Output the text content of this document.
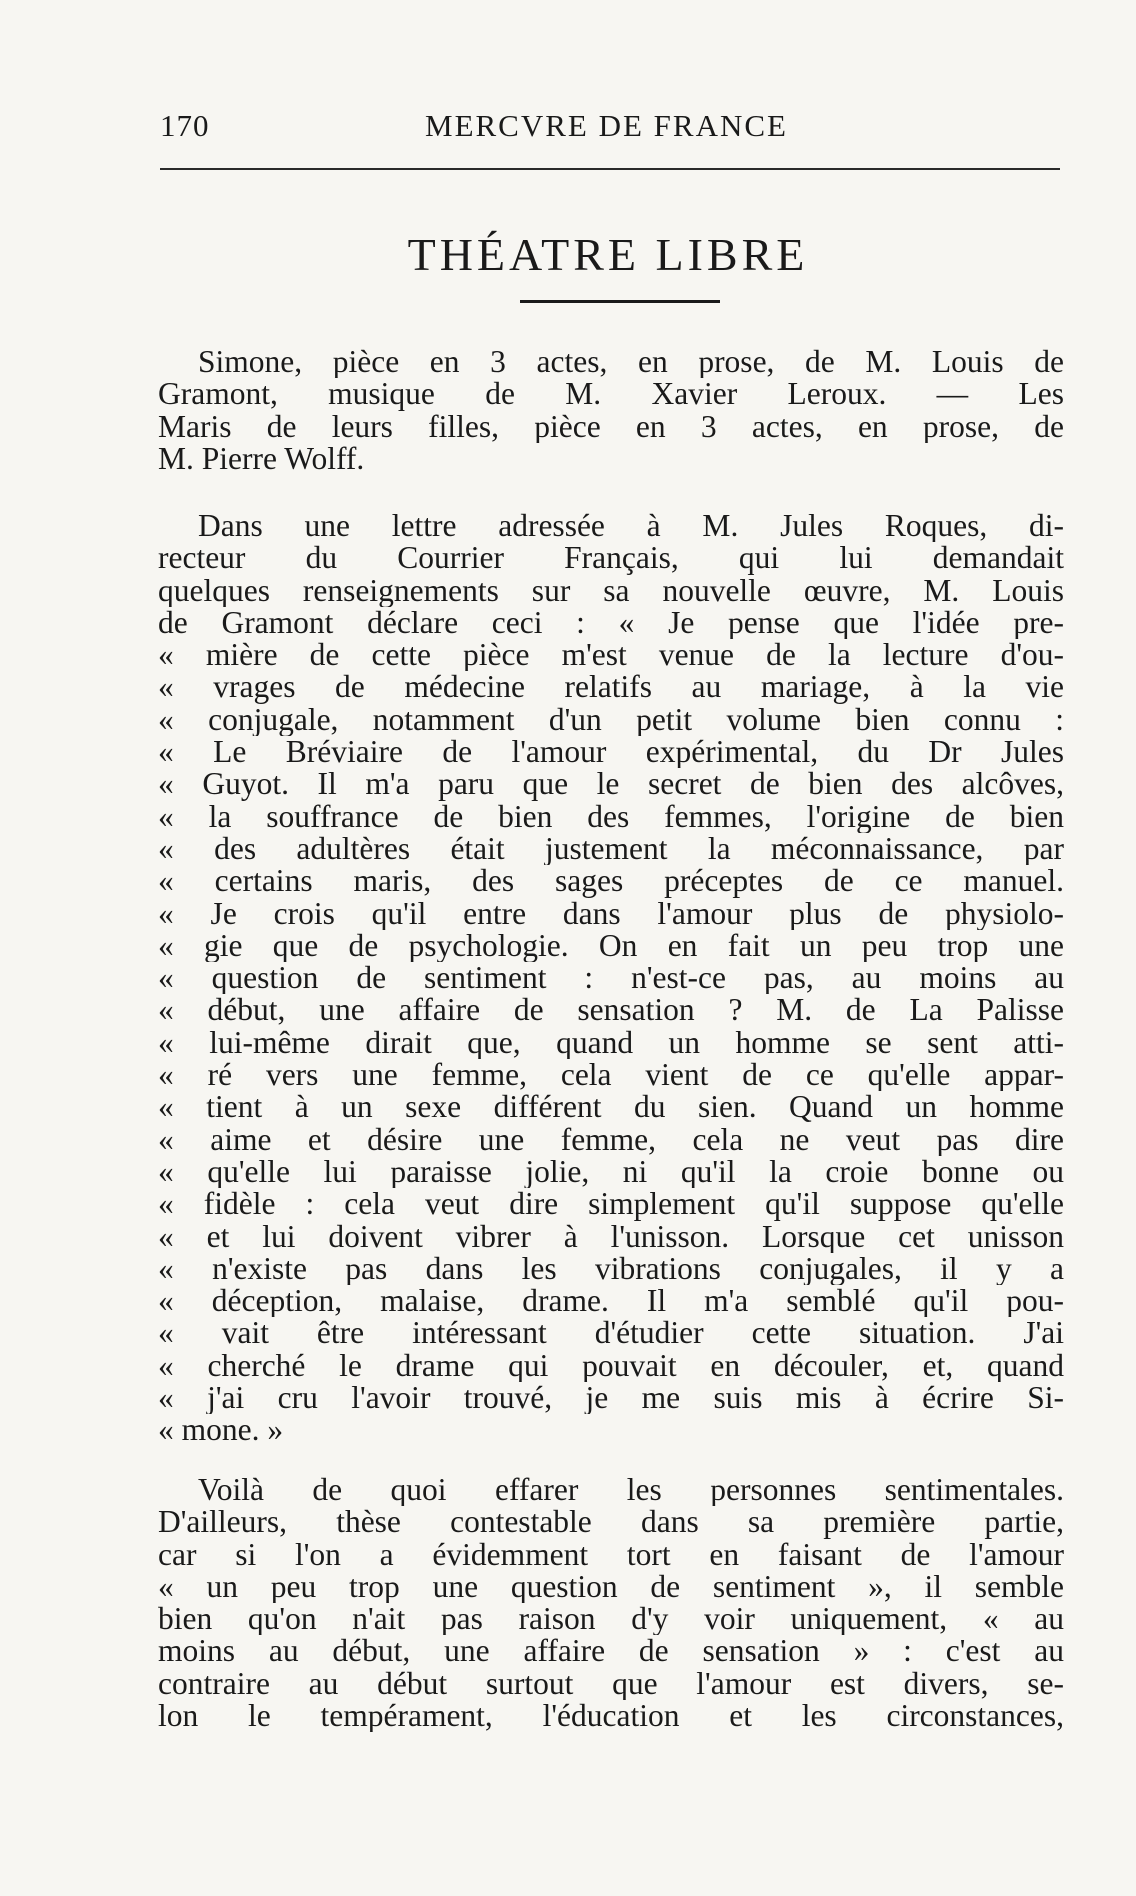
170	MERCVRE DE FRANCE
THÉATRE LIBRE
Simone, pièce en 3 actes, en prose, de M. Louis de
Gramont, musique de M. Xavier Leroux. — Les
Maris de leurs filles, pièce en 3 actes, en prose, de
M. Pierre Wolff.
Dans une lettre adressée à M. Jules Roques, di-
recteur du Courrier Français, qui lui demandait
quelques renseignements sur sa nouvelle œuvre, M. Louis
de Gramont déclare ceci : « Je pense que l'idée pre-
« mière de cette pièce m'est venue de la lecture d'ou-
« vrages de médecine relatifs au mariage, à la vie
« conjugale, notamment d'un petit volume bien connu :
« Le Bréviaire de l'amour expérimental, du Dr Jules
« Guyot. Il m'a paru que le secret de bien des alcôves,
« la souffrance de bien des femmes, l'origine de bien
« des adultères était justement la méconnaissance, par
« certains maris, des sages préceptes de ce manuel.
« Je crois qu'il entre dans l'amour plus de physiolo-
« gie que de psychologie. On en fait un peu trop une
« question de sentiment : n'est-ce pas, au moins au
« début, une affaire de sensation ? M. de La Palisse
« lui-même dirait que, quand un homme se sent atti-
« ré vers une femme, cela vient de ce qu'elle appar-
« tient à un sexe différent du sien. Quand un homme
« aime et désire une femme, cela ne veut pas dire
« qu'elle lui paraisse jolie, ni qu'il la croie bonne ou
« fidèle : cela veut dire simplement qu'il suppose qu'elle
« et lui doivent vibrer à l'unisson. Lorsque cet unisson
« n'existe pas dans les vibrations conjugales, il y a
« déception, malaise, drame. Il m'a semblé qu'il pou-
« vait être intéressant d'étudier cette situation. J'ai
« cherché le drame qui pouvait en découler, et, quand
« j'ai cru l'avoir trouvé, je me suis mis à écrire Si-
« mone. »
Voilà de quoi effarer les personnes sentimentales.
D'ailleurs, thèse contestable dans sa première partie,
car si l'on a évidemment tort en faisant de l'amour
« un peu trop une question de sentiment », il semble
bien qu'on n'ait pas raison d'y voir uniquement, « au
moins au début, une affaire de sensation » : c'est au
contraire au début surtout que l'amour est divers, se-
lon le tempérament, l'éducation et les circonstances,
